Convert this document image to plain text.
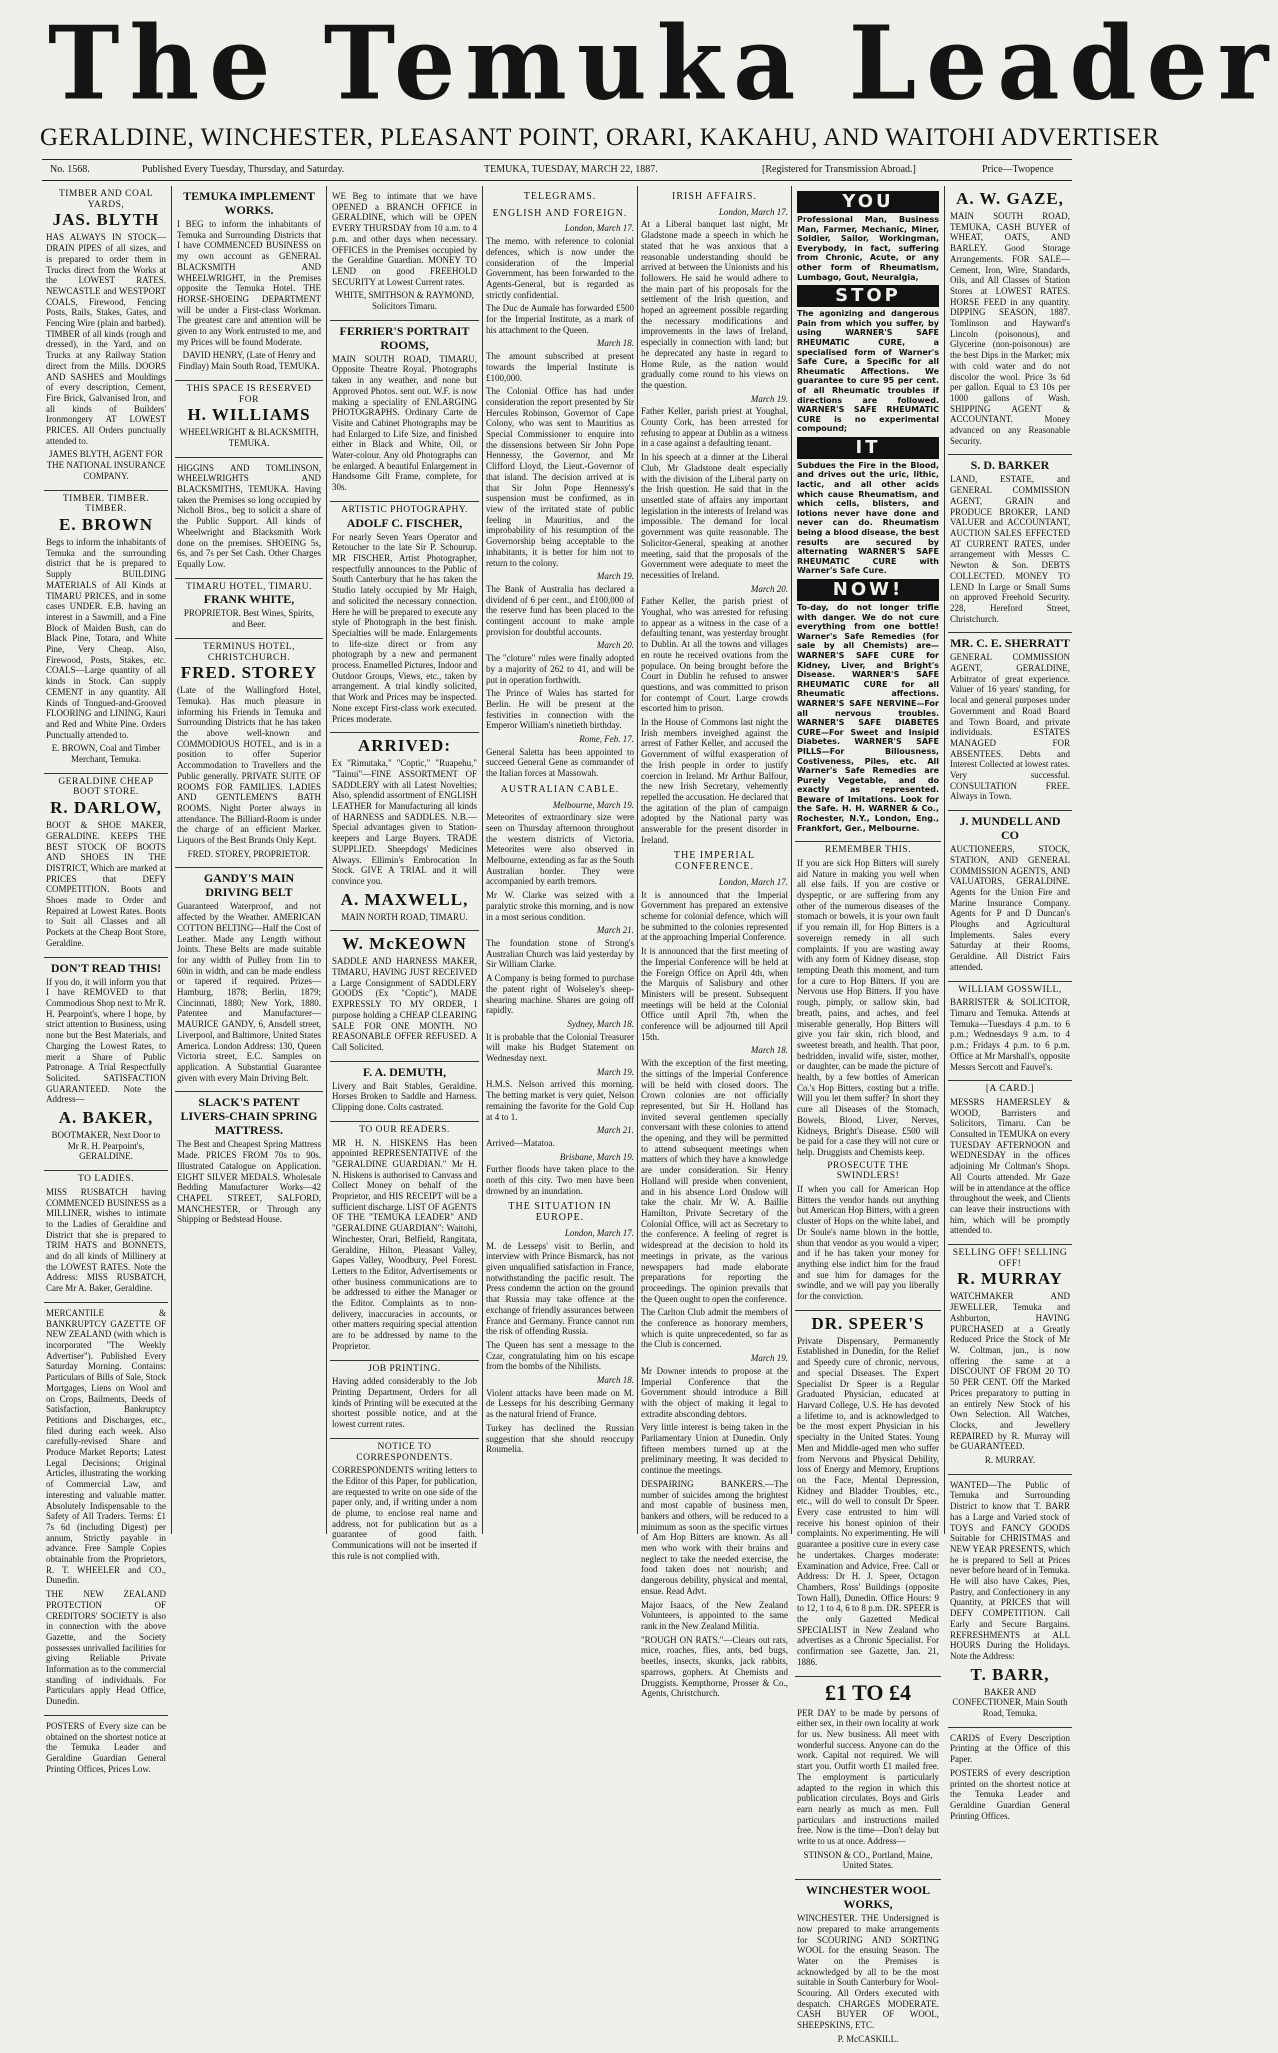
The Temuka Leader
GERALDINE, WINCHESTER, PLEASANT POINT, ORARI, KAKAHU, AND WAITOHI ADVERTISER
No. 1568.	Published Every Tuesday, Thursday, and Saturday.	TEMUKA, TUESDAY, MARCH 22, 1887.	[Registered for Transmission Abroad.]	Price—Twopence
TIMBER AND COAL YARDS,
JAS. BLYTH

HAS ALWAYS IN STOCK—DRAIN PIPES of all sizes, and is prepared to order them in Trucks direct from the Works at the LOWEST RATES. NEWCASTLE and WESTPORT COALS, Firewood, Fencing Posts, Rails, Stakes, Gates, and Fencing Wire (plain and barbed). TIMBER of all kinds (rough and dressed), in the Yard, and on Trucks at any Railway Station direct from the Mills. DOORS AND SASHES and Mouldings of every description, Cement, Fire Brick, Galvanised Iron, and all kinds of Builders' Ironmongery AT LOWEST PRICES. All Orders punctually attended to.

JAMES BLYTH, AGENT FOR THE NATIONAL INSURANCE COMPANY.

TIMBER. TIMBER. TIMBER.
E. BROWN

Begs to inform the inhabitants of Temuka and the surrounding district that he is prepared to Supply BUILDING MATERIALS of All Kinds at TIMARU PRICES, and in some cases UNDER. E.B. having an interest in a Sawmill, and a Fine Block of Maiden Bush, can do Black Pine, Totara, and White Pine, Very Cheap. Also, Firewood, Posts, Stakes, etc. COALS—Large quantity of all kinds in Stock. Can supply CEMENT in any quantity. All Kinds of Tongued-and-Grooved FLOORING and LINING, Kauri and Red and White Pine. Orders Punctually attended to.

E. BROWN, Coal and Timber Merchant, Temuka.

GERALDINE CHEAP BOOT STORE.
R. DARLOW,

BOOT & SHOE MAKER, GERALDINE. KEEPS THE BEST STOCK OF BOOTS AND SHOES IN THE DISTRICT, Which are marked at PRICES that DEFY COMPETITION. Boots and Shoes made to Order and Repaired at Lowest Rates. Boots to Suit all Classes and all Pockets at the Cheap Boot Store, Geraldine.

DON'T READ THIS!

If you do, it will inform you that I have REMOVED to that Commodious Shop next to Mr R. H. Pearpoint's, where I hope, by strict attention to Business, using none but the Best Materials, and Charging the Lowest Rates, to merit a Share of Public Patronage. A Trial Respectfully Solicited. SATISFACTION GUARANTEED. Note the Address—

A. BAKER,

BOOTMAKER, Next Door to Mr R. H. Pearpoint's, GERALDINE.

TO LADIES.

MISS RUSBATCH having COMMENCED BUSINESS as a MILLINER, wishes to intimate to the Ladies of Geraldine and District that she is prepared to TRIM HATS and BONNETS, and do all kinds of Millinery at the LOWEST RATES. Note the Address: MISS RUSBATCH, Care Mr A. Baker, Geraldine.

MERCANTILE & BANKRUPTCY GAZETTE OF NEW ZEALAND (with which is incorporated "The Weekly Advertiser"). Published Every Saturday Morning. Contains: Particulars of Bills of Sale, Stock Mortgages, Liens on Wool and on Crops, Bailments, Deeds of Satisfaction, Bankruptcy Petitions and Discharges, etc., filed during each week. Also carefully-revised Share and Produce Market Reports; Latest Legal Decisions; Original Articles, illustrating the working of Commercial Law, and interesting and valuable matter. Absolutely Indispensable to the Safety of All Traders. Terms: £1 7s 6d (including Digest) per annum, Strictly payable in advance. Free Sample Copies obtainable from the Proprietors, R. T. WHEELER and CO., Dunedin.

THE NEW ZEALAND PROTECTION OF CREDITORS' SOCIETY is also in connection with the above Gazette, and the Society possesses unrivalled facilities for giving Reliable Private Information as to the commercial standing of individuals. For Particulars apply Head Office, Dunedin.

POSTERS of Every size can be obtained on the shortest notice at the Temuka Leader and Geraldine Guardian General Printing Offices, Prices Low.

TEMUKA IMPLEMENT WORKS.

I BEG to inform the inhabitants of Temuka and Surrounding Districts that I have COMMENCED BUSINESS on my own account as GENERAL BLACKSMITH AND WHEELWRIGHT, in the Premises opposite the Temuka Hotel. THE HORSE-SHOEING DEPARTMENT will be under a First-class Workman. The greatest care and attention will be given to any Work entrusted to me, and my Prices will be found Moderate.

DAVID HENRY, (Late of Henry and Findlay) Main South Road, TEMUKA.

THIS SPACE IS RESERVED FOR
H. WILLIAMS

WHEELWRIGHT & BLACKSMITH, TEMUKA.

HIGGINS AND TOMLINSON, WHEELWRIGHTS AND BLACKSMITHS, TEMUKA. Having taken the Premises so long occupied by Nicholl Bros., beg to solicit a share of the Public Support. All kinds of Wheelwright and Blacksmith Work done on the premises. SHOEING 5s, 6s, and 7s per Set Cash. Other Charges Equally Low.

TIMARU HOTEL, TIMARU.
FRANK WHITE,

PROPRIETOR. Best Wines, Spirits, and Beer.

TERMINUS HOTEL, CHRISTCHURCH.
FRED. STOREY

(Late of the Wallingford Hotel, Temuka). Has much pleasure in informing his Friends in Temuka and Surrounding Districts that he has taken the above well-known and COMMODIOUS HOTEL, and is in a position to offer Superior Accommodation to Travellers and the Public generally. PRIVATE SUITE OF ROOMS FOR FAMILIES. LADIES AND GENTLEMEN'S BATH ROOMS. Night Porter always in attendance. The Billiard-Room is under the charge of an efficient Marker. Liquors of the Best Brands Only Kept.

FRED. STOREY, PROPRIETOR.

GANDY'S MAIN DRIVING BELT

Guaranteed Waterproof, and not affected by the Weather. AMERICAN COTTON BELTING—Half the Cost of Leather. Made any Length without Joints. These Belts are made suitable for any width of Pulley from 1in to 60in in width, and can be made endless or tapered if required. Prizes—Hamburg, 1878; Berlin, 1879; Cincinnati, 1880; New York, 1880. Patentee and Manufacturer—MAURICE GANDY, 6, Ansdell street, Liverpool, and Baltimore, United States America. London Address: 130, Queen Victoria street, E.C. Samples on application. A Substantial Guarantee given with every Main Driving Belt.

SLACK'S PATENT LIVERS-CHAIN SPRING MATTRESS.

The Best and Cheapest Spring Mattress Made. PRICES FROM 70s to 90s. Illustrated Catalogue on Application. EIGHT SILVER MEDALS. Wholesale Bedding Manufacturer Works—42 CHAPEL STREET, SALFORD, MANCHESTER, or Through any Shipping or Bedstead House.

WE Beg to intimate that we have OPENED a BRANCH OFFICE in GERALDINE, which will be OPEN EVERY THURSDAY from 10 a.m. to 4 p.m. and other days when necessary. OFFICES in the Premises occupied by the Geraldine Guardian. MONEY TO LEND on good FREEHOLD SECURITY at Lowest Current rates.

WHITE, SMITHSON & RAYMOND, Solicitors Timaru.

FERRIER'S PORTRAIT ROOMS,

MAIN SOUTH ROAD, TIMARU, Opposite Theatre Royal. Photographs taken in any weather, and none but Approved Photos. sent out. W.F. is now making a speciality of ENLARGING PHOTOGRAPHS. Ordinary Carte de Visite and Cabinet Photographs may be had Enlarged to Life Size, and finished either in Black and White, Oil, or Water-colour. Any old Photographs can be enlarged. A beautiful Enlargement in Handsome Gilt Frame, complete, for 30s.

ARTISTIC PHOTOGRAPHY.
ADOLF C. FISCHER,

For nearly Seven Years Operator and Retoucher to the late Sir P. Schourup. MR FISCHER, Artist Photographer, respectfully announces to the Public of South Canterbury that he has taken the Studio lately occupied by Mr Haigh, and solicited the necessary connection. Here he will be prepared to execute any style of Photograph in the best finish. Specialties will be made. Enlargements to life-size direct or from any photograph by a new and permanent process. Enamelled Pictures, Indoor and Outdoor Groups, Views, etc., taken by arrangement. A trial kindly solicited, that Work and Prices may be inspected. None except First-class work executed. Prices moderate.

ARRIVED:

Ex "Rimutaka," "Coptic," "Ruapehu," "Tainui"—FINE ASSORTMENT OF SADDLERY with all Latest Novelties; Also, splendid assortment of ENGLISH LEATHER for Manufacturing all kinds of HARNESS and SADDLES. N.B.—Special advantages given to Station-keepers and Large Buyers. TRADE SUPPLIED. Sheepdogs' Medicines Always. Ellimin's Embrocation In Stock. GIVE A TRIAL and it will convince you.

A. MAXWELL,

MAIN NORTH ROAD, TIMARU.

W. McKEOWN

SADDLE AND HARNESS MAKER, TIMARU, HAVING JUST RECEIVED a Large Consignment of SADDLERY GOODS (Ex "Coptic"), MADE EXPRESSLY TO MY ORDER, I purpose holding a CHEAP CLEARING SALE FOR ONE MONTH. NO REASONABLE OFFER REFUSED. A Call Solicited.

F. A. DEMUTH,

Livery and Bait Stables, Geraldine. Horses Broken to Saddle and Harness. Clipping done. Colts castrated.

TO OUR READERS.

MR H. N. HISKENS Has been appointed REPRESENTATIVE of the "GERALDINE GUARDIAN." Mr H. N. Hiskens is authorised to Canvass and Collect Money on behalf of the Proprietor, and HIS RECEIPT will be a sufficient discharge. LIST OF AGENTS OF THE "TEMUKA LEADER" AND "GERALDINE GUARDIAN": Waitohi, Winchester, Orari, Belfield, Rangitata, Geraldine, Hilton, Pleasant Valley, Gapes Valley, Woodbury, Peel Forest. Letters to the Editor, Advertisements or other business communications are to be addressed to either the Manager or the Editor. Complaints as to non-delivery, inaccuracies in accounts, or other matters requiring special attention are to be addressed by name to the Proprietor.

JOB PRINTING.

Having added considerably to the Job Printing Department, Orders for all kinds of Printing will be executed at the shortest possible notice, and at the lowest current rates.

NOTICE TO CORRESPONDENTS.

CORRESPONDENTS writing letters to the Editor of this Paper, for publication, are requested to write on one side of the paper only, and, if writing under a nom de plume, to enclose real name and address, not for publication but as a guarantee of good faith. Communications will not be inserted if this rule is not complied with.

TELEGRAMS.
ENGLISH AND FOREIGN.
London, March 17.

The memo. with reference to colonial defences, which is now under the consideration of the Imperial Government, has been forwarded to the Agents-General, but is regarded as strictly confidential.

The Duc de Aumale has forwarded £500 for the Imperial Institute, as a mark of his attachment to the Queen.

March 18.

The amount subscribed at present towards the Imperial Institute is £100,000.

The Colonial Office has had under consideration the report presented by Sir Hercules Robinson, Governor of Cape Colony, who was sent to Mauritius as Special Commissioner to enquire into the dissensions between Sir John Pope Hennessy, the Governor, and Mr Clifford Lloyd, the Lieut.-Governor of that island. The decision arrived at is that Sir John Pope Hennessy's suspension must be confirmed, as in view of the irritated state of public feeling in Mauritius, and the improbability of his resumption of the Governorship being acceptable to the inhabitants, it is better for him not to return to the colony.

March 19.

The Bank of Australia has declared a dividend of 6 per cent., and £100,000 of the reserve fund has been placed to the contingent account to make ample provision for doubtful accounts.

March 20.

The "cloture" rules were finally adopted by a majority of 262 to 41, and will be put in operation forthwith.

The Prince of Wales has started for Berlin. He will be present at the festivities in connection with the Emperor William's ninetieth birthday.

Rome, Feb. 17.

General Saletta has been appointed to succeed General Gene as commander of the Italian forces at Massowah.

AUSTRALIAN CABLE.
Melbourne, March 19.

Meteorites of extraordinary size were seen on Thursday afternoon throughout the western districts of Victoria. Meteorites were also observed in Melbourne, extending as far as the South Australian border. They were accompanied by earth tremors.

Mr W. Clarke was seized with a paralytic stroke this morning, and is now in a most serious condition.

March 21.

The foundation stone of Strong's Australian Church was laid yesterday by Sir William Clarke.

A Company is being formed to purchase the patent right of Wolseley's sheep-shearing machine. Shares are going off rapidly.

Sydney, March 18.

It is probable that the Colonial Treasurer will make his Budget Statement on Wednesday next.

March 19.

H.M.S. Nelson arrived this morning. The betting market is very quiet, Nelson remaining the favorite for the Gold Cup at 4 to 1.

March 21.

Arrived—Matatoa.

Brisbane, March 19.

Further floods have taken place to the north of this city. Two men have been drowned by an inundation.

THE SITUATION IN EUROPE.
London, March 17.

M. de Lesseps' visit to Berlin, and interview with Prince Bismarck, has not given unqualified satisfaction in France, notwithstanding the pacific result. The Press condemn the action on the ground that Russia may take offence at the exchange of friendly assurances between France and Germany. France cannot run the risk of offending Russia.

The Queen has sent a message to the Czar, congratulating him on his escape from the bombs of the Nihilists.

March 18.

Violent attacks have been made on M. de Lesseps for his describing Germany as the natural friend of France.

Turkey has declined the Russian suggestion that she should reoccupy Roumelia.

IRISH AFFAIRS.
London, March 17.

At a Liberal banquet last night, Mr Gladstone made a speech in which he stated that he was anxious that a reasonable understanding should be arrived at between the Unionists and his followers. He said he would adhere to the main part of his proposals for the settlement of the Irish question, and hoped an agreement possible regarding the necessary modifications and improvements in the laws of Ireland, especially in connection with land; but he deprecated any haste in regard to Home Rule, as the nation would gradually come round to his views on the question.

March 19.

Father Keller, parish priest at Youghal, County Cork, has been arrested for refusing to appear at Dublin as a witness in a case against a defaulting tenant.

In his speech at a dinner at the Liberal Club, Mr Gladstone dealt especially with the division of the Liberal party on the Irish question. He said that in the unsettled state of affairs any important legislation in the interests of Ireland was impossible. The demand for local government was quite reasonable. The Solicitor-General, speaking at another meeting, said that the proposals of the Government were adequate to meet the necessities of Ireland.

March 20.

Father Keller, the parish priest of Youghal, who was arrested for refusing to appear as a witness in the case of a defaulting tenant, was yesterday brought to Dublin. At all the towns and villages en route he received ovations from the populace. On being brought before the Court in Dublin he refused to answer questions, and was committed to prison for contempt of Court. Large crowds escorted him to prison.

In the House of Commons last night the Irish members inveighed against the arrest of Father Keller, and accused the Government of wilful exasperation of the Irish people in order to justify coercion in Ireland. Mr Arthur Balfour, the new Irish Secretary, vehemently repelled the accusation. He declared that the agitation of the plan of campaign adopted by the National party was answerable for the present disorder in Ireland.

THE IMPERIAL CONFERENCE.
London, March 17.

It is announced that the Imperial Government has prepared an extensive scheme for colonial defence, which will be submitted to the colonies represented at the approaching Imperial Conference.

It is announced that the first meeting of the Imperial Conference will be held at the Foreign Office on April 4th, when the Marquis of Salisbury and other Ministers will be present. Subsequent meetings will be held at the Colonial Office until April 7th, when the conference will be adjourned till April 15th.

March 18.

With the exception of the first meeting, the sittings of the Imperial Conference will be held with closed doors. The Crown colonies are not officially represented, but Sir H. Holland has invited several gentlemen specially conversant with these colonies to attend the opening, and they will be permitted to attend subsequent meetings when matters of which they have a knowledge are under consideration. Sir Henry Holland will preside when convenient, and in his absence Lord Onslow will take the chair. Mr W. A. Baillie Hamilton, Private Secretary of the Colonial Office, will act as Secretary to the conference. A feeling of regret is widespread at the decision to hold its meetings in private, as the various newspapers had made elaborate preparations for reporting the proceedings. The opinion prevails that the Queen ought to open the conference.

The Carlton Club admit the members of the conference as honorary members, which is quite unprecedented, so far as the Club is concerned.

March 19.

Mr Downer intends to propose at the Imperial Conference that the Government should introduce a Bill with the object of making it legal to extradite absconding debtors.

Very little interest is being taken in the Parliamentary Union at Dunedin. Only fifteen members turned up at the preliminary meeting. It was decided to continue the meetings.

DESPAIRING BANKERS.—The number of suicides among the brightest and most capable of business men, bankers and others, will be reduced to a minimum as soon as the specific virtues of Am Hop Bitters are known. As all men who work with their brains and neglect to take the needed exercise, the food taken does not nourish; and dangerous debility, physical and mental, ensue. Read Advt.

Major Isaacs, of the New Zealand Volunteers, is appointed to the same rank in the New Zealand Militia.

"ROUGH ON RATS."—Clears out rats, mice, roaches, flies, ants, bed bugs, beetles, insects, skunks, jack rabbits, sparrows, gophers. At Chemists and Druggists. Kempthorne, Prosser & Co., Agents, Christchurch.

YOU

Professional Man, Business Man, Farmer, Mechanic, Miner, Soldier, Sailor, Workingman, Everybody, in fact, suffering from Chronic, Acute, or any other form of Rheumatism, Lumbago, Gout, Neuralgia,

STOP

The agonizing and dangerous Pain from which you suffer, by using WARNER'S SAFE RHEUMATIC CURE, a specialised form of Warner's Safe Cure, a Specific for all Rheumatic Affections. We guarantee to cure 95 per cent. of all Rheumatic troubles if directions are followed. WARNER'S SAFE RHEUMATIC CURE is no experimental compound;

IT

Subdues the Fire in the Blood, and drives out the uric, lithic, lactic, and all other acids which cause Rheumatism, and which cells, blisters, and lotions never have done and never can do. Rheumatism being a blood disease, the best results are secured by alternating WARNER'S SAFE RHEUMATIC CURE with Warner's Safe Cure.

NOW!

To-day, do not longer trifle with danger. We do not cure everything from one bottle! Warner's Safe Remedies (for sale by all Chemists) are—WARNER'S SAFE CURE for Kidney, Liver, and Bright's Disease. WARNER'S SAFE RHEUMATIC CURE for all Rheumatic affections. WARNER'S SAFE NERVINE—For all nervous troubles. WARNER'S SAFE DIABETES CURE—For Sweet and Insipid Diabetes. WARNER'S SAFE PILLS—For Biliousness, Costiveness, Piles, etc. All Warner's Safe Remedies are Purely Vegetable, and do exactly as represented. Beware of Imitations. Look for the Safe. H. H. WARNER & Co., Rochester, N.Y., London, Eng., Frankfort, Ger., Melbourne.

REMEMBER THIS.

If you are sick Hop Bitters will surely aid Nature in making you well when all else fails. If you are costive or dyspeptic, or are suffering from any other of the numerous diseases of the stomach or bowels, it is your own fault if you remain ill, for Hop Bitters is a sovereign remedy in all such complaints. If you are wasting away with any form of Kidney disease, stop tempting Death this moment, and turn for a cure to Hop Bitters. If you are Nervous use Hop Bitters. If you have rough, pimply, or sallow skin, bad breath, pains, and aches, and feel miserable generally, Hop Bitters will give you fair skin, rich blood, and sweetest breath, and health. That poor, bedridden, invalid wife, sister, mother, or daughter, can be made the picture of health, by a few bottles of American Co.'s Hop Bitters, costing but a trifle. Will you let them suffer? In short they cure all Diseases of the Stomach, Bowels, Blood, Liver, Nerves, Kidneys, Bright's Disease. £500 will be paid for a case they will not cure or help. Druggists and Chemists keep.

PROSECUTE THE SWINDLERS!

If when you call for American Hop Bitters the vendor hands out anything but American Hop Bitters, with a green cluster of Hops on the white label, and Dr Soule's name blown in the bottle, shun that vendor as you would a viper; and if he has taken your money for anything else indict him for the fraud and sue him for damages for the swindle, and we will pay you liberally for the conviction.

DR. SPEER'S

Private Dispensary, Permanently Established in Dunedin, for the Relief and Speedy cure of chronic, nervous, and special Diseases. The Expert Specialist Dr Speer is a Regular Graduated Physician, educated at Harvard College, U.S. He has devoted a lifetime to, and is acknowledged to be the most expert Physician in his specialty in the United States. Young Men and Middle-aged men who suffer from Nervous and Physical Debility, loss of Energy and Memory, Eruptions on the Face, Mental Depression, Kidney and Bladder Troubles, etc., etc., will do well to consult Dr Speer. Every case entrusted to him will receive his honest opinion of their complaints. No experimenting. He will guarantee a positive cure in every case he undertakes. Charges moderate: Examination and Advice, Free. Call or Address: Dr H. J. Speer, Octagon Chambers, Ross' Buildings (opposite Town Hall), Dunedin. Office Hours: 9 to 12, 1 to 4, 6 to 8 p.m. DR. SPEER is the only Gazetted Medical SPECIALIST in New Zealand who advertises as a Chronic Specialist. For confirmation see Gazette, Jan. 21, 1886.

£1 TO £4

PER DAY to be made by persons of either sex, in their own locality at work for us. New business. All meet with wonderful success. Anyone can do the work. Capital not required. We will start you. Outfit worth £1 mailed free. The employment is particularly adapted to the region in which this publication circulates. Boys and Girls earn nearly as much as men. Full particulars and instructions mailed free. Now is the time—Don't delay but write to us at once. Address—

STINSON & CO., Portland, Maine, United States.

WINCHESTER WOOL WORKS,

WINCHESTER. THE Undersigned is now prepared to make arrangements for SCOURING AND SORTING WOOL for the ensuing Season. The Water on the Premises is acknowledged by all to be the most suitable in South Canterbury for Wool-Scouring. All Orders executed with despatch. CHARGES MODERATE. CASH BUYER OF WOOL, SHEEPSKINS, ETC.

P. McCASKILL.

A. W. GAZE,

MAIN SOUTH ROAD, TEMUKA, CASH BUYER of WHEAT, OATS, AND BARLEY. Good Storage Arrangements. FOR SALE—Cement, Iron, Wire, Standards, Oils, and All Classes of Station Stores at LOWEST RATES. HORSE FEED in any quantity. DIPPING SEASON, 1887. Tomlinson and Hayward's Lincoln (poisonous), and Glycerine (non-poisonous) are the best Dips in the Market; mix with cold water and do not discolor the wool. Price 3s 6d per gallon. Equal to £3 10s per 1000 gallons of Wash. SHIPPING AGENT & ACCOUNTANT. Money advanced on any Reasonable Security.

S. D. BARKER

LAND, ESTATE, and GENERAL COMMISSION AGENT, GRAIN and PRODUCE BROKER, LAND VALUER and ACCOUNTANT, AUCTION SALES EFFECTED AT CURRENT RATES, under arrangement with Messrs C. Newton & Son. DEBTS COLLECTED. MONEY TO LEND In Large or Small Sums on approved Freehold Security. 228, Hereford Street, Christchurch.

MR. C. E. SHERRATT

GENERAL COMMISSION AGENT, GERALDINE, Arbitrator of great experience. Valuer of 16 years' standing, for local and general purposes under Government and Road Board and Town Board, and private individuals. ESTATES MANAGED FOR ABSENTEES. Debts and Interest Collected at lowest rates. Very successful. CONSULTATION FREE. Always in Town.

J. MUNDELL AND CO

AUCTIONEERS, STOCK, STATION, AND GENERAL COMMISSION AGENTS, AND VALUATORS, GERALDINE. Agents for the Union Fire and Marine Insurance Company. Agents for P and D Duncan's Ploughs and Agricultural Implements. Sales every Saturday at their Rooms, Geraldine. All District Fairs attended.

WILLIAM GOSSWILL,

BARRISTER & SOLICITOR, Timaru and Temuka. Attends at Temuka—Tuesdays 4 p.m. to 6 p.m.; Wednesdays 9 a.m. to 4 p.m.; Fridays 4 p.m. to 6 p.m. Office at Mr Marshall's, opposite Messrs Sercott and Fauvel's.

[A CARD.]

MESSRS HAMERSLEY & WOOD, Barristers and Solicitors, Timaru. Can be Consulted in TEMUKA on every TUESDAY AFTERNOON and WEDNESDAY in the offices adjoining Mr Coltman's Shops. All Courts attended. Mr Gaze will be in attendance at the office throughout the week, and Clients can leave their instructions with him, which will be promptly attended to.

SELLING OFF! SELLING OFF!
R. MURRAY

WATCHMAKER AND JEWELLER, Temuka and Ashburton, HAVING PURCHASED at a Greatly Reduced Price the Stock of Mr W. Coltman, jun., is now offering the same at a DISCOUNT OF FROM 20 TO 50 PER CENT. Off the Marked Prices preparatory to putting in an entirely New Stock of his Own Selection. All Watches, Clocks, and Jewellery REPAIRED by R. Murray will be GUARANTEED.

R. MURRAY.

WANTED—The Public of Temuka and Surrounding District to know that T. BARR has a Large and Varied stock of TOYS and FANCY GOODS Suitable for CHRISTMAS and NEW YEAR PRESENTS, which he is prepared to Sell at Prices never before heard of in Temuka. He will also have Cakes, Pies, Pastry, and Confectionery in any Quantity, at PRICES that will DEFY COMPETITION. Call Early and Secure Bargains. REFRESHMENTS at ALL HOURS During the Holidays. Note the Address:

T. BARR,

BAKER AND CONFECTIONER, Main South Road, Temuka.

CARDS of Every Description Printing at the Office of this Paper.

POSTERS of every description printed on the shortest notice at the Temuka Leader and Geraldine Guardian General Printing Offices.
